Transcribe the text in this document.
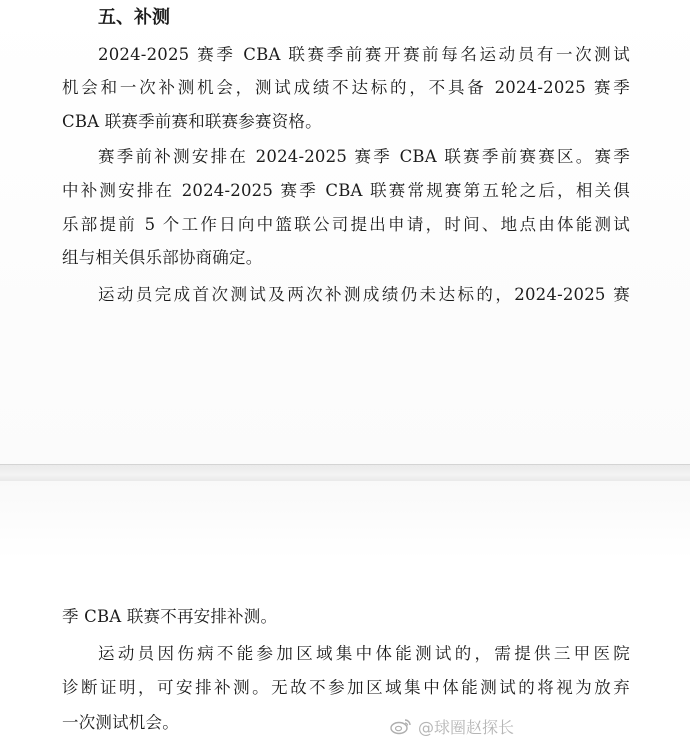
五、补测
2024-2025 赛季 CBA 联赛季前赛开赛前每名运动员有一次测试
机会和一次补测机会，测试成绩不达标的，不具备 2024-2025 赛季
CBA 联赛季前赛和联赛参赛资格。
赛季前补测安排在 2024-2025 赛季 CBA 联赛季前赛赛区。赛季
中补测安排在 2024-2025 赛季 CBA 联赛常规赛第五轮之后，相关俱
乐部提前 5 个工作日向中篮联公司提出申请，时间、地点由体能测试
组与相关俱乐部协商确定。
运动员完成首次测试及两次补测成绩仍未达标的，2024-2025 赛
季 CBA 联赛不再安排补测。
运动员因伤病不能参加区域集中体能测试的，需提供三甲医院
诊断证明，可安排补测。无故不参加区域集中体能测试的将视为放弃
一次测试机会。	@球圈赵探长
